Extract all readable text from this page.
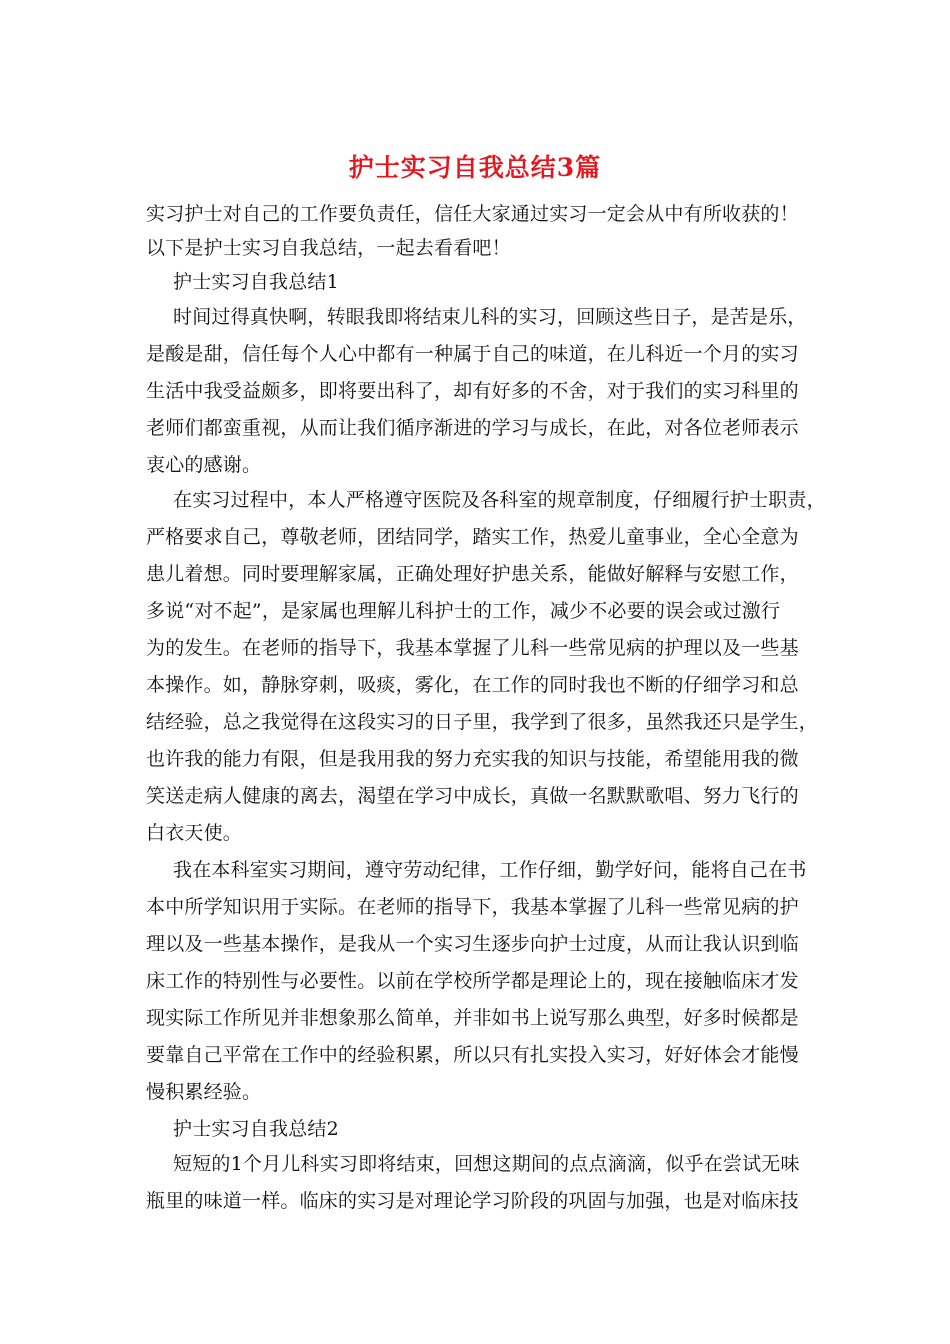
护士实习自我总结3篇
实习护士对自己的工作要负责任，信任大家通过实习一定会从中有所收获的！
以下是护士实习自我总结，一起去看看吧！
护士实习自我总结1
时间过得真快啊，转眼我即将结束儿科的实习，回顾这些日子，是苦是乐，
是酸是甜，信任每个人心中都有一种属于自己的味道，在儿科近一个月的实习
生活中我受益颇多，即将要出科了，却有好多的不舍，对于我们的实习科里的
老师们都蛮重视，从而让我们循序渐进的学习与成长，在此，对各位老师表示
衷心的感谢。
在实习过程中，本人严格遵守医院及各科室的规章制度，仔细履行护士职责，
严格要求自己，尊敬老师，团结同学，踏实工作，热爱儿童事业，全心全意为
患儿着想。同时要理解家属，正确处理好护患关系，能做好解释与安慰工作，
多说“对不起”，是家属也理解儿科护士的工作，减少不必要的误会或过激行
为的发生。在老师的指导下，我基本掌握了儿科一些常见病的护理以及一些基
本操作。如，静脉穿刺，吸痰，雾化，在工作的同时我也不断的仔细学习和总
结经验，总之我觉得在这段实习的日子里，我学到了很多，虽然我还只是学生，
也许我的能力有限，但是我用我的努力充实我的知识与技能，希望能用我的微
笑送走病人健康的离去，渴望在学习中成长，真做一名默默歌唱、努力飞行的
白衣天使。
我在本科室实习期间，遵守劳动纪律，工作仔细，勤学好问，能将自己在书
本中所学知识用于实际。在老师的指导下，我基本掌握了儿科一些常见病的护
理以及一些基本操作，是我从一个实习生逐步向护士过度，从而让我认识到临
床工作的特别性与必要性。以前在学校所学都是理论上的，现在接触临床才发
现实际工作所见并非想象那么简单，并非如书上说写那么典型，好多时候都是
要靠自己平常在工作中的经验积累，所以只有扎实投入实习，好好体会才能慢
慢积累经验。
护士实习自我总结2
短短的1个月儿科实习即将结束，回想这期间的点点滴滴，似乎在尝试无味
瓶里的味道一样。临床的实习是对理论学习阶段的巩固与加强，也是对临床技
